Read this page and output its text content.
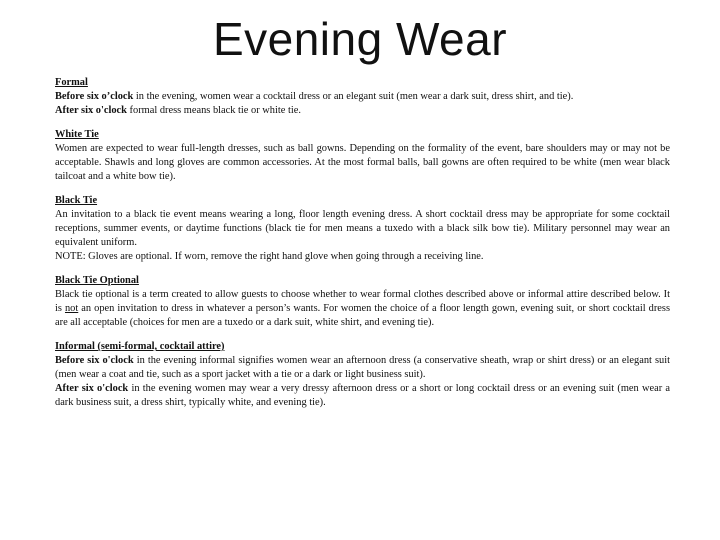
Evening Wear
Formal
Before six o’clock in the evening, women wear a cocktail dress or an elegant suit (men wear a dark suit, dress shirt, and tie).
After six o'clock formal dress means black tie or white tie.
White Tie
Women are expected to wear full-length dresses, such as ball gowns. Depending on the formality of the event, bare shoulders may or may not be acceptable. Shawls and long gloves are common accessories. At the most formal balls, ball gowns are often required to be white (men wear black tailcoat and a white bow tie).
Black Tie
An invitation to a black tie event means wearing a long, floor length evening dress. A short cocktail dress may be appropriate for some cocktail receptions, summer events, or daytime functions (black tie for men means a tuxedo with a black silk bow tie). Military personnel may wear an equivalent uniform.
NOTE: Gloves are optional. If worn, remove the right hand glove when going through a receiving line.
Black Tie Optional
Black tie optional is a term created to allow guests to choose whether to wear formal clothes described above or informal attire described below. It is not an open invitation to dress in whatever a person’s wants. For women the choice of a floor length gown, evening suit, or short cocktail dress are all acceptable (choices for men are a tuxedo or a dark suit, white shirt, and evening tie).
Informal (semi-formal, cocktail attire)
Before six o'clock in the evening informal signifies women wear an afternoon dress (a conservative sheath, wrap or shirt dress) or an elegant suit (men wear a coat and tie, such as a sport jacket with a tie or a dark or light business suit).
After six o'clock in the evening women may wear a very dressy afternoon dress or a short or long cocktail dress or an evening suit (men wear a dark business suit, a dress shirt, typically white, and evening tie).
